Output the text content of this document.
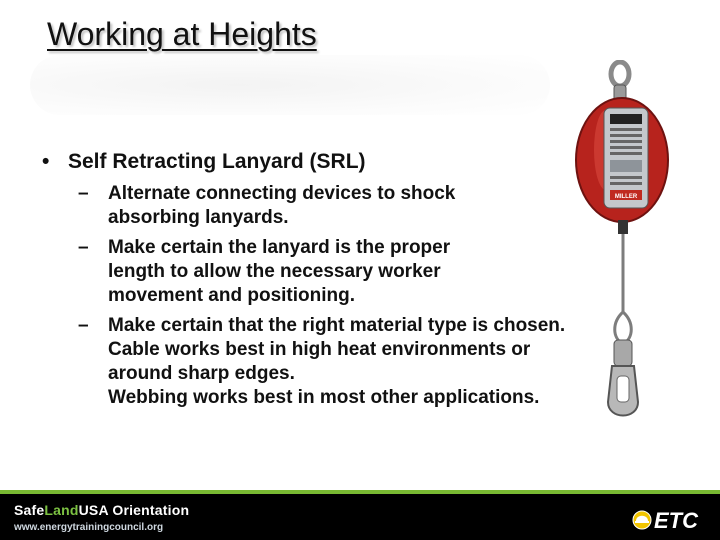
Working at Heights
• Self Retracting Lanyard (SRL)
– Alternate connecting devices to shock
absorbing lanyards.
– Make certain the lanyard is the proper
length to allow the necessary worker
movement and positioning.
– Make certain that the right material type is chosen.
Cable works best in high heat environments or
around sharp edges.
Webbing works best in most other applications.
MILLER
SafeLandUSA Orientation
www.energytrainingcouncil.org	ETC
